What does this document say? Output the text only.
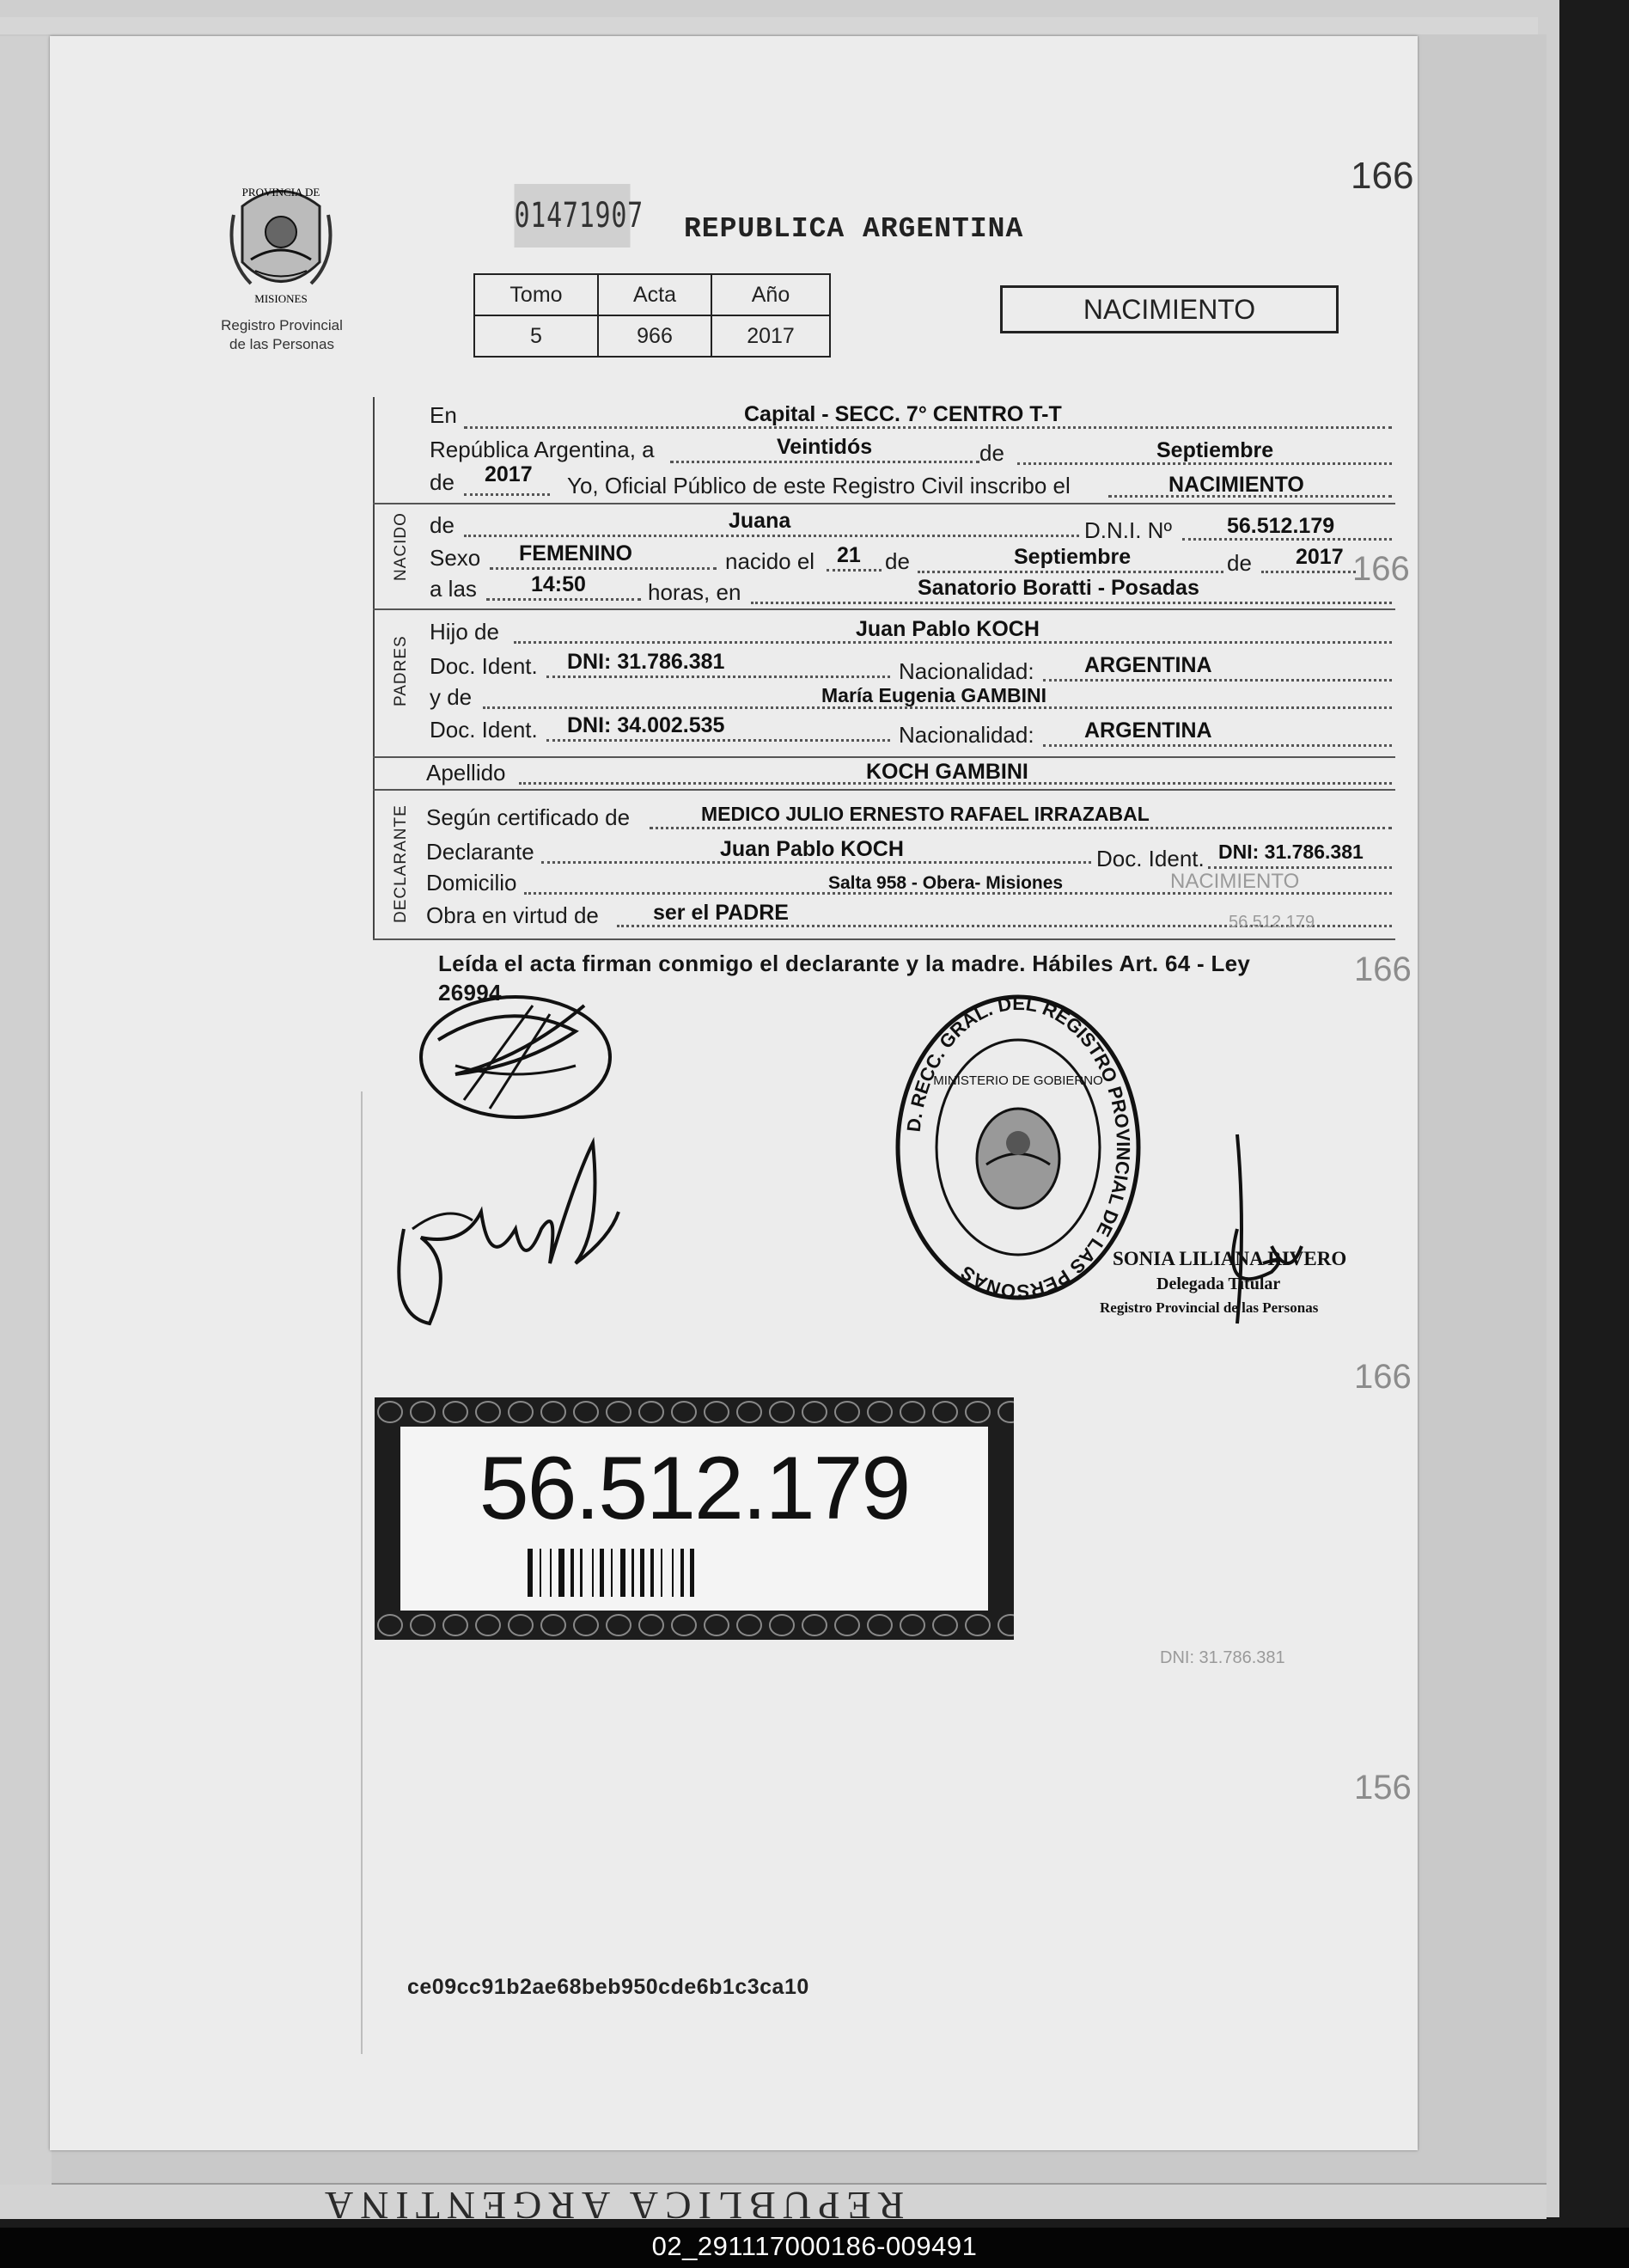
REPUBLICA ARGENTINA
166
PROVINCIA DE
MISIONES
Registro Provincial
de las Personas
01471907 REPUBLICA ARGENTINA
Tomo	Acta	Año
5	966	2017
NACIMIENTO
NACIDO
PADRES
DECLARANTE
En	Capital - SECC. 7° CENTRO T-T
República Argentina, a	Veintidós	de	Septiembre
de 2017 Yo, Oficial Público de este Registro Civil inscribo el	NACIMIENTO
de	Juana	D.N.I. Nº	56.512.179
Sexo FEMENINO	nacido el 21 de	Septiembre	de 2017
a las	14:50	horas, en	Sanatorio Boratti - Posadas
Hijo de	Juan Pablo KOCH
Doc. Ident. DNI: 31.786.381	Nacionalidad: ARGENTINA
y de	María Eugenia GAMBINI
Doc. Ident. DNI: 34.002.535	Nacionalidad: ARGENTINA
Apellido	KOCH GAMBINI
Según certificado de	MEDICO JULIO ERNESTO RAFAEL IRRAZABAL
Declarante	Juan Pablo KOCH	Doc. Ident. DNI: 31.786.381
Domicilio	Salta 958 - Obera- Misiones
Obra en virtud de	ser el PADRE
Leída el acta firman conmigo el declarante y la madre. Hábiles Art. 64 - Ley
26994
D. RECC. GRAL. DEL REGISTRO PROVINCIAL DE LAS PERSONAS
MINISTERIO DE GOBIERNO
SONIA LILIANA RIVERO
Delegada Titular
Registro Provincial de las Personas
56.512.179
ce09cc91b2ae68beb950cde6b1c3ca10
166
166
166
156
NACIMIENTO
56.512.179
DNI: 31.786.381
02_291117000186-009491
